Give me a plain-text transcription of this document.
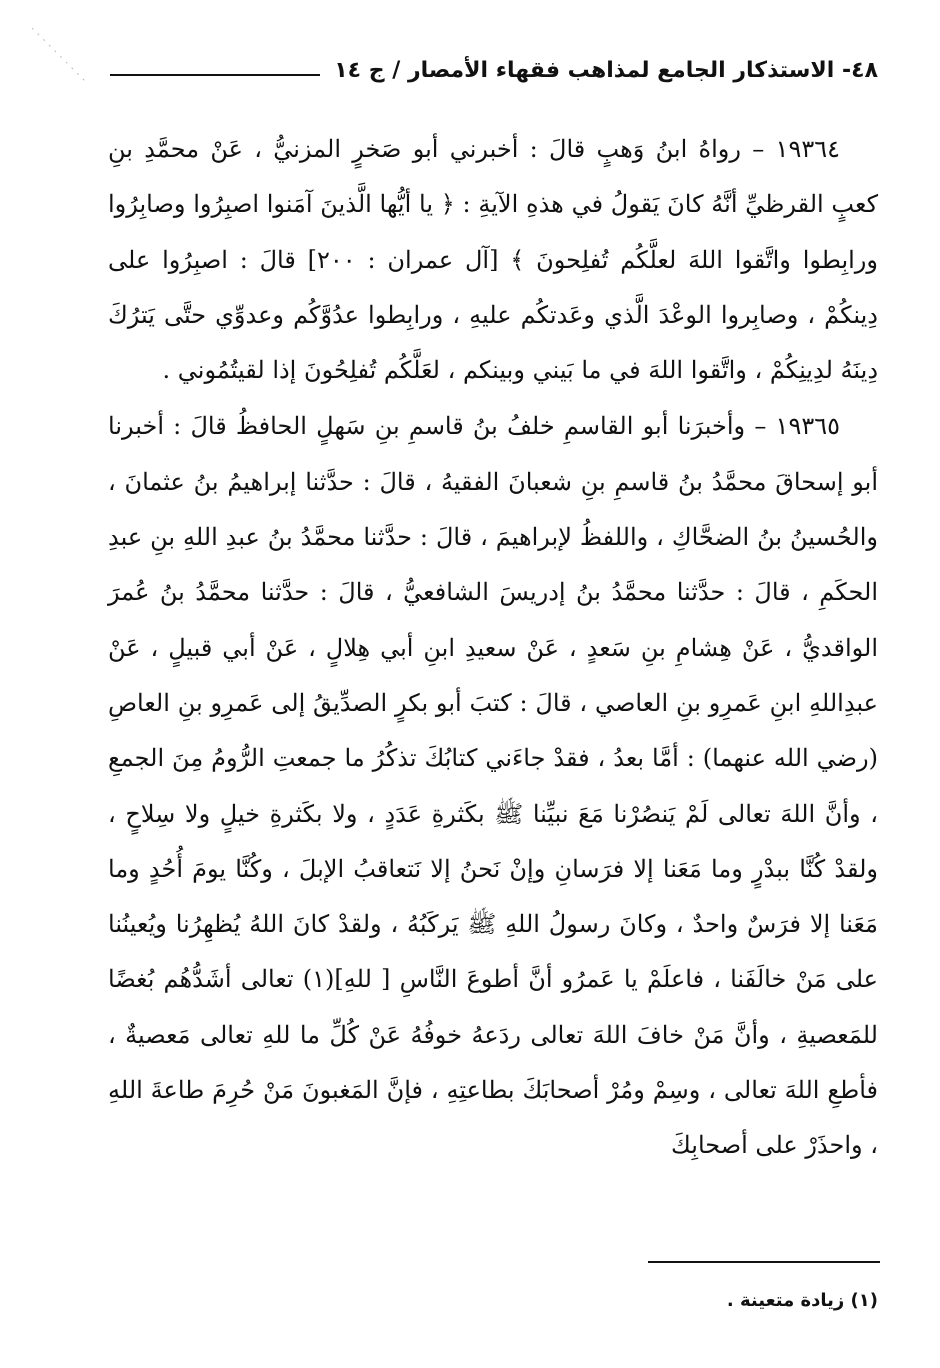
٤٨- الاستذكار الجامع لمذاهب فقهاء الأمصار / ج ١٤

١٩٣٦٤ – رواهُ ابنُ وَهبٍ قالَ : أخبرني أبو صَخرٍ المزنيُّ ، عَنْ محمَّدِ بنِ كعبٍ القرظيِّ أنَّهُ كانَ يَقولُ في هذهِ الآيةِ : ﴿ يا أيُّها الَّذينَ آمَنوا اصبِرُوا وصابِرُوا ورابِطوا واتَّقوا اللهَ لعلَّكُم تُفلِحونَ ﴾ [آل عمران : ٢٠٠] قالَ : اصبِرُوا على دِينكُمْ ، وصابِروا الوعْدَ الَّذي وعَدتكُم عليهِ ، ورابِطوا عدُوَّكُم وعدوِّي حتَّى يَترُكَ دِينَهُ لدِينِكُمْ ، واتَّقوا اللهَ في ما بَيني وبينكم ، لعَلَّكُم تُفلِحُونَ إذا لقيتُمُوني .

١٩٣٦٥ – وأخبرَنا أبو القاسمِ خلفُ بنُ قاسمِ بنِ سَهلٍ الحافظُ قالَ : أخبرنا أبو إسحاقَ محمَّدُ بنُ قاسمِ بنِ شعبانَ الفقيهُ ، قالَ : حدَّثنا إبراهيمُ بنُ عثمانَ ، والحُسينُ بنُ الضحَّاكِ ، واللفظُ لإبراهيمَ ، قالَ : حدَّثنا محمَّدُ بنُ عبدِ اللهِ بنِ عبدِ الحكَمِ ، قالَ : حدَّثنا محمَّدُ بنُ إدريسَ الشافعيُّ ، قالَ : حدَّثنا محمَّدُ بنُ عُمرَ الواقديُّ ، عَنْ هِشامِ بنِ سَعدٍ ، عَنْ سعيدِ ابنِ أبي هِلالٍ ، عَنْ أبي قبيلٍ ، عَنْ عبدِاللهِ ابنِ عَمرِو بنِ العاصي ، قالَ : كتبَ أبو بكرٍ الصدِّيقُ إلى عَمرِو بنِ العاصِ (رضي الله عنهما) : أمَّا بعدُ ، فقدْ جاءَني كتابُكَ تذكُرُ ما جمعتِ الرُّومُ مِنَ الجمعِ ، وأنَّ اللهَ تعالى لَمْ يَنصُرْنا مَعَ نبيِّنا ﷺ بكَثرةِ عَدَدٍ ، ولا بكَثرةِ خيلٍ ولا سِلاحٍ ، ولقدْ كُنَّا ببدْرٍ وما مَعَنا إلا فرَسانِ وإنْ نَحنُ إلا نَتعاقبُ الإبلَ ، وكُنَّا يومَ أُحُدٍ وما مَعَنا إلا فرَسٌ واحدٌ ، وكانَ رسولُ اللهِ ﷺ يَركَبُهُ ، ولقدْ كانَ اللهُ يُظهِرُنا ويُعينُنا على مَنْ خالَفَنا ، فاعلَمْ يا عَمرُو أنَّ أطوعَ النَّاسِ [ للهِ](١) تعالى أشَدُّهُم بُغضًا للمَعصيةِ ، وأنَّ مَنْ خافَ اللهَ تعالى ردَعهُ خوفُهُ عَنْ كُلِّ ما للهِ تعالى مَعصيةٌ ، فأطعِ اللهَ تعالى ، وسِمْ ومُرْ أصحابَكَ بطاعتِهِ ، فإنَّ المَغبونَ مَنْ حُرِمَ طاعةَ اللهِ ، واحذَرْ على أصحابِكَ

(١) زيادة متعينة .
